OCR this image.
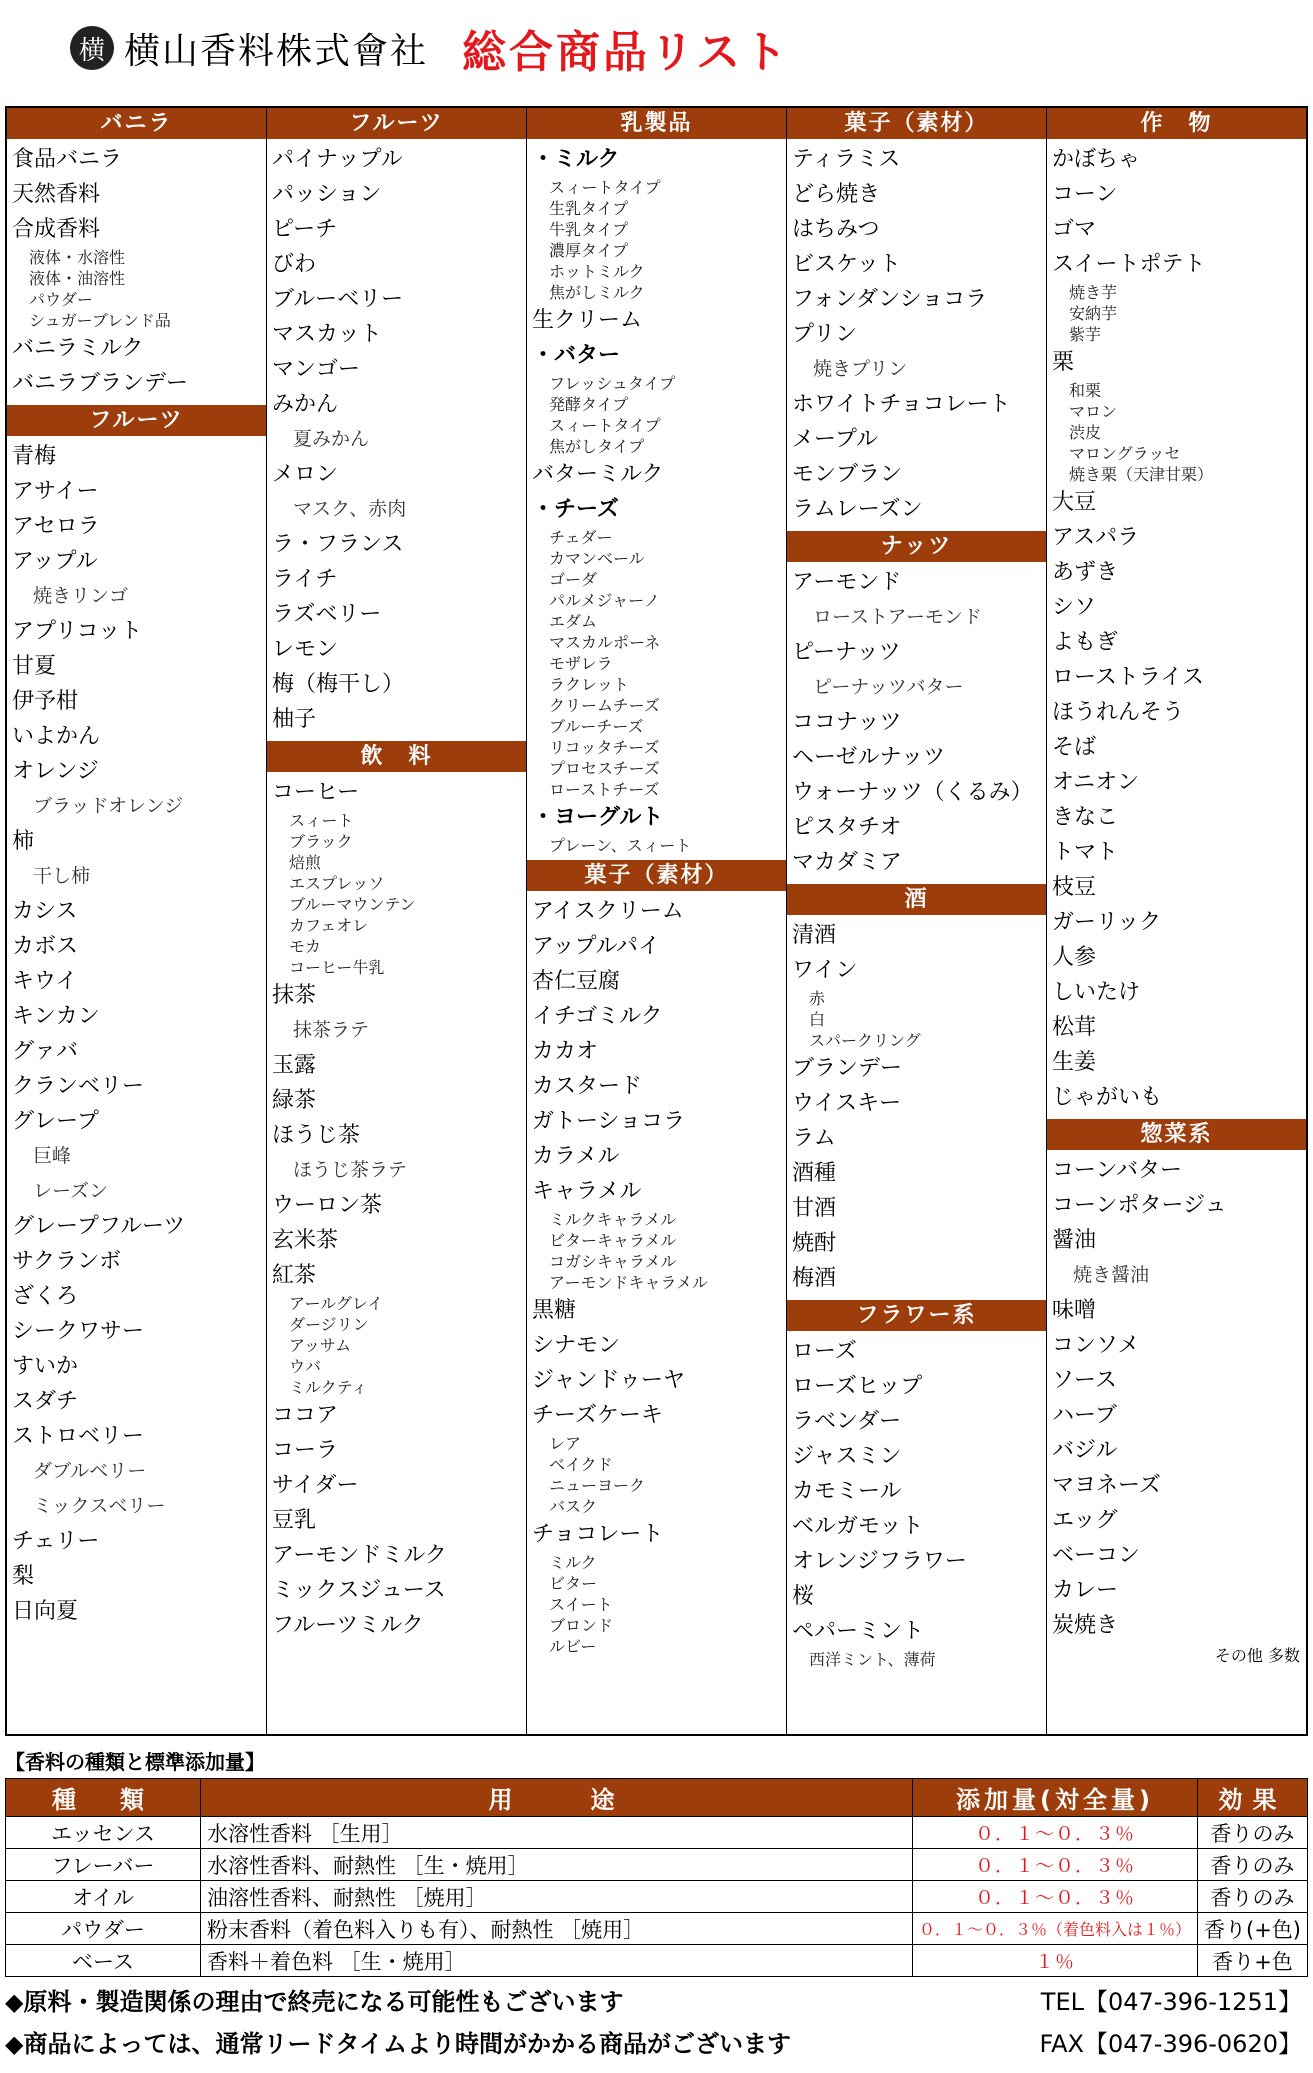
横 横山香料株式會社 総合商品リスト
バニラ
食品バニラ
天然香料
合成香料
液体・水溶性
液体・油溶性
パウダー
シュガーブレンド品
バニラミルク
バニラブランデー
フルーツ
青梅
アサイー
アセロラ
アップル
焼きリンゴ
アプリコット
甘夏
伊予柑
いよかん
オレンジ
ブラッドオレンジ
柿
干し柿
カシス
カボス
キウイ
キンカン
グァバ
クランベリー
グレープ
巨峰
レーズン
グレープフルーツ
サクランボ
ざくろ
シークワサー
すいか
スダチ
ストロベリー
ダブルベリー
ミックスベリー
チェリー
梨
日向夏
フルーツ
パイナップル
パッション
ピーチ
びわ
ブルーベリー
マスカット
マンゴー
みかん
夏みかん
メロン
マスク、赤肉
ラ・フランス
ライチ
ラズベリー
レモン
梅（梅干し）
柚子
飲　料
コーヒー
スィート
ブラック
焙煎
エスプレッソ
ブルーマウンテン
カフェオレ
モカ
コーヒー牛乳
抹茶
抹茶ラテ
玉露
緑茶
ほうじ茶
ほうじ茶ラテ
ウーロン茶
玄米茶
紅茶
アールグレイ
ダージリン
アッサム
ウバ
ミルクティ
ココア
コーラ
サイダー
豆乳
アーモンドミルク
ミックスジュース
フルーツミルク
乳製品
・ミルク
スィートタイプ
生乳タイプ
牛乳タイプ
濃厚タイプ
ホットミルク
焦がしミルク
生クリーム
・バター
フレッシュタイプ
発酵タイプ
スィートタイプ
焦がしタイプ
バターミルク
・チーズ
チェダー
カマンベール
ゴーダ
パルメジャーノ
エダム
マスカルポーネ
モザレラ
ラクレット
クリームチーズ
ブルーチーズ
リコッタチーズ
プロセスチーズ
ローストチーズ
・ヨーグルト
プレーン、スィート
菓子（素材）
アイスクリーム
アップルパイ
杏仁豆腐
イチゴミルク
カカオ
カスタード
ガトーショコラ
カラメル
キャラメル
ミルクキャラメル
ビターキャラメル
コガシキャラメル
アーモンドキャラメル
黒糖
シナモン
ジャンドゥーヤ
チーズケーキ
レア
ベイクド
ニューヨーク
バスク
チョコレート
ミルク
ビター
スイート
ブロンド
ルビー
菓子（素材）
ティラミス
どら焼き
はちみつ
ビスケット
フォンダンショコラ
プリン
焼きプリン
ホワイトチョコレート
メープル
モンブラン
ラムレーズン
ナッツ
アーモンド
ローストアーモンド
ピーナッツ
ピーナッツバター
ココナッツ
ヘーゼルナッツ
ウォーナッツ（くるみ）
ピスタチオ
マカダミア
酒
清酒
ワイン
赤
白
スパークリング
ブランデー
ウイスキー
ラム
酒種
甘酒
焼酎
梅酒
フラワー系
ローズ
ローズヒップ
ラベンダー
ジャスミン
カモミール
ベルガモット
オレンジフラワー
桜
ペパーミント
西洋ミント、薄荷
作　物
かぼちゃ
コーン
ゴマ
スイートポテト
焼き芋
安納芋
紫芋
栗
和栗
マロン
渋皮
マロングラッセ
焼き栗（天津甘栗）
大豆
アスパラ
あずき
シソ
よもぎ
ローストライス
ほうれんそう
そば
オニオン
きなこ
トマト
枝豆
ガーリック
人参
しいたけ
松茸
生姜
じゃがいも
惣菜系
コーンバター
コーンポタージュ
醤油
焼き醤油
味噌
コンソメ
ソース
ハーブ
バジル
マヨネーズ
エッグ
ベーコン
カレー
炭焼き
その他 多数
【香料の種類と標準添加量】
種　類	用　　途	添加量(対全量)	効果
エッセンス	水溶性香料 ［生用］	０．１～０．３％	香りのみ
フレーバー	水溶性香料、耐熱性 ［生・焼用］	０．１～０．３％	香りのみ
オイル	油溶性香料、耐熱性 ［焼用］	０．１～０．３％	香りのみ
パウダー	粉末香料（着色料入りも有）、耐熱性 ［焼用］	０．１～０．３％（着色料入は１％）	香り(+色)
ベース	香料＋着色料 ［生・焼用］	１％	香り+色
◆原料・製造関係の理由で終売になる可能性もございます	TEL【047-396-1251】
◆商品によっては、通常リードタイムより時間がかかる商品がございます	FAX【047-396-0620】
